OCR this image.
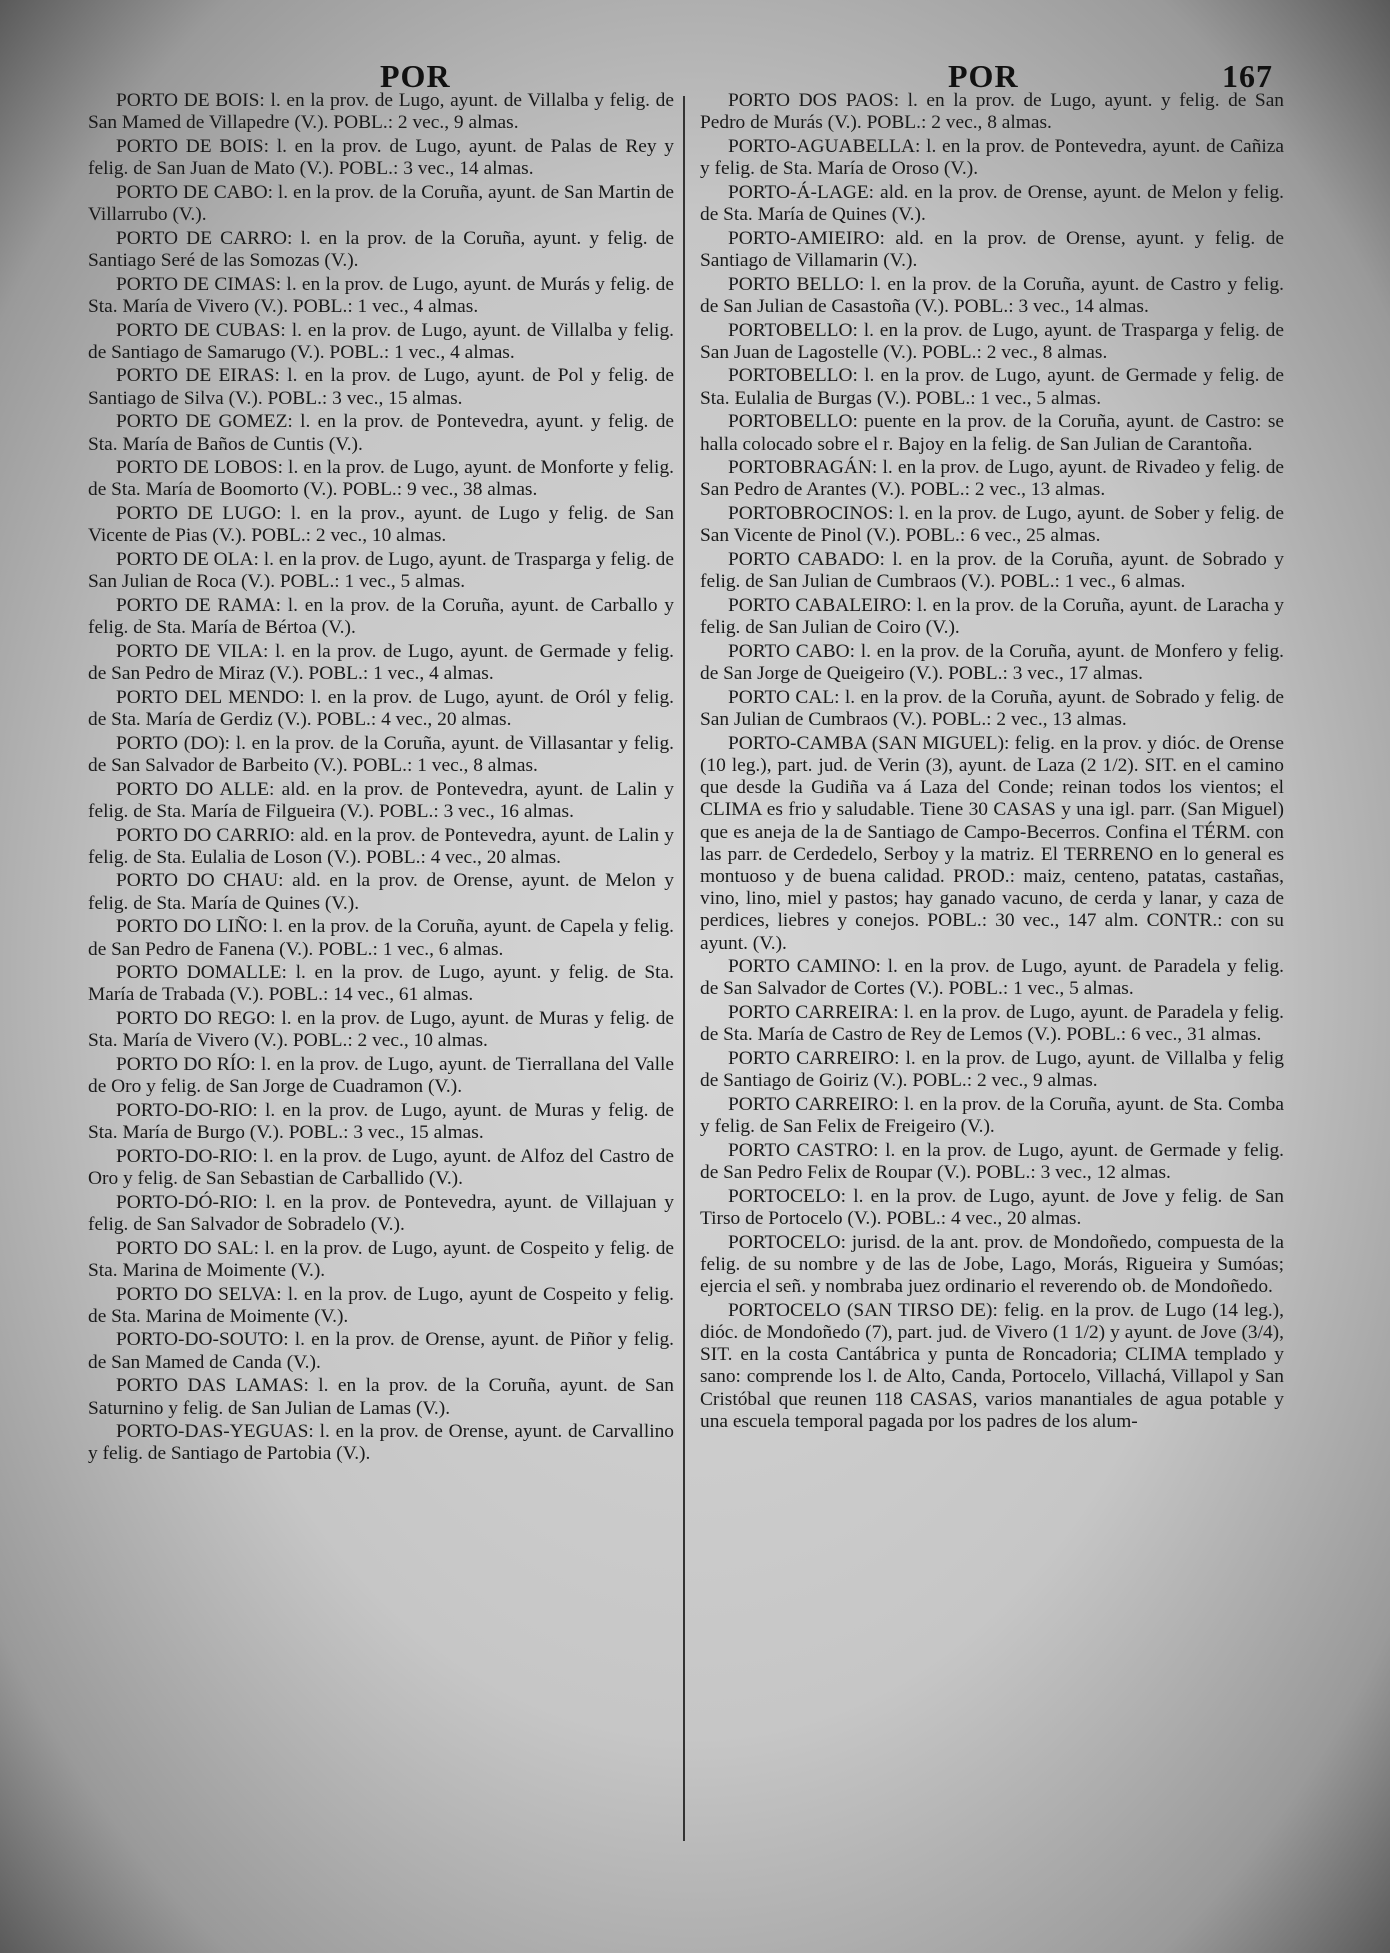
POR	POR	167

PORTO DE BOIS: l. en la prov. de Lugo, ayunt. de Villalba y felig. de San Mamed de Villapedre (V.). POBL.: 2 vec., 9 almas.

PORTO DE BOIS: l. en la prov. de Lugo, ayunt. de Palas de Rey y felig. de San Juan de Mato (V.). POBL.: 3 vec., 14 almas.

PORTO DE CABO: l. en la prov. de la Coruña, ayunt. de San Martin de Villarrubo (V.).

PORTO DE CARRO: l. en la prov. de la Coruña, ayunt. y felig. de Santiago Seré de las Somozas (V.).

PORTO DE CIMAS: l. en la prov. de Lugo, ayunt. de Murás y felig. de Sta. María de Vivero (V.). POBL.: 1 vec., 4 almas.

PORTO DE CUBAS: l. en la prov. de Lugo, ayunt. de Villalba y felig. de Santiago de Samarugo (V.). POBL.: 1 vec., 4 almas.

PORTO DE EIRAS: l. en la prov. de Lugo, ayunt. de Pol y felig. de Santiago de Silva (V.). POBL.: 3 vec., 15 almas.

PORTO DE GOMEZ: l. en la prov. de Pontevedra, ayunt. y felig. de Sta. María de Baños de Cuntis (V.).

PORTO DE LOBOS: l. en la prov. de Lugo, ayunt. de Monforte y felig. de Sta. María de Boomorto (V.). POBL.: 9 vec., 38 almas.

PORTO DE LUGO: l. en la prov., ayunt. de Lugo y felig. de San Vicente de Pias (V.). POBL.: 2 vec., 10 almas.

PORTO DE OLA: l. en la prov. de Lugo, ayunt. de Trasparga y felig. de San Julian de Roca (V.). POBL.: 1 vec., 5 almas.

PORTO DE RAMA: l. en la prov. de la Coruña, ayunt. de Carballo y felig. de Sta. María de Bértoa (V.).

PORTO DE VILA: l. en la prov. de Lugo, ayunt. de Germade y felig. de San Pedro de Miraz (V.). POBL.: 1 vec., 4 almas.

PORTO DEL MENDO: l. en la prov. de Lugo, ayunt. de Oról y felig. de Sta. María de Gerdiz (V.). POBL.: 4 vec., 20 almas.

PORTO (DO): l. en la prov. de la Coruña, ayunt. de Villasantar y felig. de San Salvador de Barbeito (V.). POBL.: 1 vec., 8 almas.

PORTO DO ALLE: ald. en la prov. de Pontevedra, ayunt. de Lalin y felig. de Sta. María de Filgueira (V.). POBL.: 3 vec., 16 almas.

PORTO DO CARRIO: ald. en la prov. de Pontevedra, ayunt. de Lalin y felig. de Sta. Eulalia de Loson (V.). POBL.: 4 vec., 20 almas.

PORTO DO CHAU: ald. en la prov. de Orense, ayunt. de Melon y felig. de Sta. María de Quines (V.).

PORTO DO LIÑO: l. en la prov. de la Coruña, ayunt. de Capela y felig. de San Pedro de Fanena (V.). POBL.: 1 vec., 6 almas.

PORTO DOMALLE: l. en la prov. de Lugo, ayunt. y felig. de Sta. María de Trabada (V.). POBL.: 14 vec., 61 almas.

PORTO DO REGO: l. en la prov. de Lugo, ayunt. de Muras y felig. de Sta. María de Vivero (V.). POBL.: 2 vec., 10 almas.

PORTO DO RÍO: l. en la prov. de Lugo, ayunt. de Tierrallana del Valle de Oro y felig. de San Jorge de Cuadramon (V.).

PORTO-DO-RIO: l. en la prov. de Lugo, ayunt. de Muras y felig. de Sta. María de Burgo (V.). POBL.: 3 vec., 15 almas.

PORTO-DO-RIO: l. en la prov. de Lugo, ayunt. de Alfoz del Castro de Oro y felig. de San Sebastian de Carballido (V.).

PORTO-DÓ-RIO: l. en la prov. de Pontevedra, ayunt. de Villajuan y felig. de San Salvador de Sobradelo (V.).

PORTO DO SAL: l. en la prov. de Lugo, ayunt. de Cospeito y felig. de Sta. Marina de Moimente (V.).

PORTO DO SELVA: l. en la prov. de Lugo, ayunt de Cospeito y felig. de Sta. Marina de Moimente (V.).

PORTO-DO-SOUTO: l. en la prov. de Orense, ayunt. de Piñor y felig. de San Mamed de Canda (V.).

PORTO DAS LAMAS: l. en la prov. de la Coruña, ayunt. de San Saturnino y felig. de San Julian de Lamas (V.).

PORTO-DAS-YEGUAS: l. en la prov. de Orense, ayunt. de Carvallino y felig. de Santiago de Partobia (V.).

PORTO DOS PAOS: l. en la prov. de Lugo, ayunt. y felig. de San Pedro de Murás (V.). POBL.: 2 vec., 8 almas.

PORTO-AGUABELLA: l. en la prov. de Pontevedra, ayunt. de Cañiza y felig. de Sta. María de Oroso (V.).

PORTO-Á-LAGE: ald. en la prov. de Orense, ayunt. de Melon y felig. de Sta. María de Quines (V.).

PORTO-AMIEIRO: ald. en la prov. de Orense, ayunt. y felig. de Santiago de Villamarin (V.).

PORTO BELLO: l. en la prov. de la Coruña, ayunt. de Castro y felig. de San Julian de Casastoña (V.). POBL.: 3 vec., 14 almas.

PORTOBELLO: l. en la prov. de Lugo, ayunt. de Trasparga y felig. de San Juan de Lagostelle (V.). POBL.: 2 vec., 8 almas.

PORTOBELLO: l. en la prov. de Lugo, ayunt. de Germade y felig. de Sta. Eulalia de Burgas (V.). POBL.: 1 vec., 5 almas.

PORTOBELLO: puente en la prov. de la Coruña, ayunt. de Castro: se halla colocado sobre el r. Bajoy en la felig. de San Julian de Carantoña.

PORTOBRAGÁN: l. en la prov. de Lugo, ayunt. de Rivadeo y felig. de San Pedro de Arantes (V.). POBL.: 2 vec., 13 almas.

PORTOBROCINOS: l. en la prov. de Lugo, ayunt. de Sober y felig. de San Vicente de Pinol (V.). POBL.: 6 vec., 25 almas.

PORTO CABADO: l. en la prov. de la Coruña, ayunt. de Sobrado y felig. de San Julian de Cumbraos (V.). POBL.: 1 vec., 6 almas.

PORTO CABALEIRO: l. en la prov. de la Coruña, ayunt. de Laracha y felig. de San Julian de Coiro (V.).

PORTO CABO: l. en la prov. de la Coruña, ayunt. de Monfero y felig. de San Jorge de Queigeiro (V.). POBL.: 3 vec., 17 almas.

PORTO CAL: l. en la prov. de la Coruña, ayunt. de Sobrado y felig. de San Julian de Cumbraos (V.). POBL.: 2 vec., 13 almas.

PORTO-CAMBA (SAN MIGUEL): felig. en la prov. y dióc. de Orense (10 leg.), part. jud. de Verin (3), ayunt. de Laza (2 1/2). SIT. en el camino que desde la Gudiña va á Laza del Conde; reinan todos los vientos; el CLIMA es frio y saludable. Tiene 30 CASAS y una igl. parr. (San Miguel) que es aneja de la de Santiago de Campo-Becerros. Confina el TÉRM. con las parr. de Cerdedelo, Serboy y la matriz. El TERRENO en lo general es montuoso y de buena calidad. PROD.: maiz, centeno, patatas, castañas, vino, lino, miel y pastos; hay ganado vacuno, de cerda y lanar, y caza de perdices, liebres y conejos. POBL.: 30 vec., 147 alm. CONTR.: con su ayunt. (V.).

PORTO CAMINO: l. en la prov. de Lugo, ayunt. de Paradela y felig. de San Salvador de Cortes (V.). POBL.: 1 vec., 5 almas.

PORTO CARREIRA: l. en la prov. de Lugo, ayunt. de Paradela y felig. de Sta. María de Castro de Rey de Lemos (V.). POBL.: 6 vec., 31 almas.

PORTO CARREIRO: l. en la prov. de Lugo, ayunt. de Villalba y felig de Santiago de Goiriz (V.). POBL.: 2 vec., 9 almas.

PORTO CARREIRO: l. en la prov. de la Coruña, ayunt. de Sta. Comba y felig. de San Felix de Freigeiro (V.).

PORTO CASTRO: l. en la prov. de Lugo, ayunt. de Germade y felig. de San Pedro Felix de Roupar (V.). POBL.: 3 vec., 12 almas.

PORTOCELO: l. en la prov. de Lugo, ayunt. de Jove y felig. de San Tirso de Portocelo (V.). POBL.: 4 vec., 20 almas.

PORTOCELO: jurisd. de la ant. prov. de Mondoñedo, compuesta de la felig. de su nombre y de las de Jobe, Lago, Morás, Rigueira y Sumóas; ejercia el señ. y nombraba juez ordinario el reverendo ob. de Mondoñedo.

PORTOCELO (SAN TIRSO DE): felig. en la prov. de Lugo (14 leg.), dióc. de Mondoñedo (7), part. jud. de Vivero (1 1/2) y ayunt. de Jove (3/4), SIT. en la costa Cantábrica y punta de Roncadoria; CLIMA templado y sano: comprende los l. de Alto, Canda, Portocelo, Villachá, Villapol y San Cristóbal que reunen 118 CASAS, varios manantiales de agua potable y una escuela temporal pagada por los padres de los alum-
